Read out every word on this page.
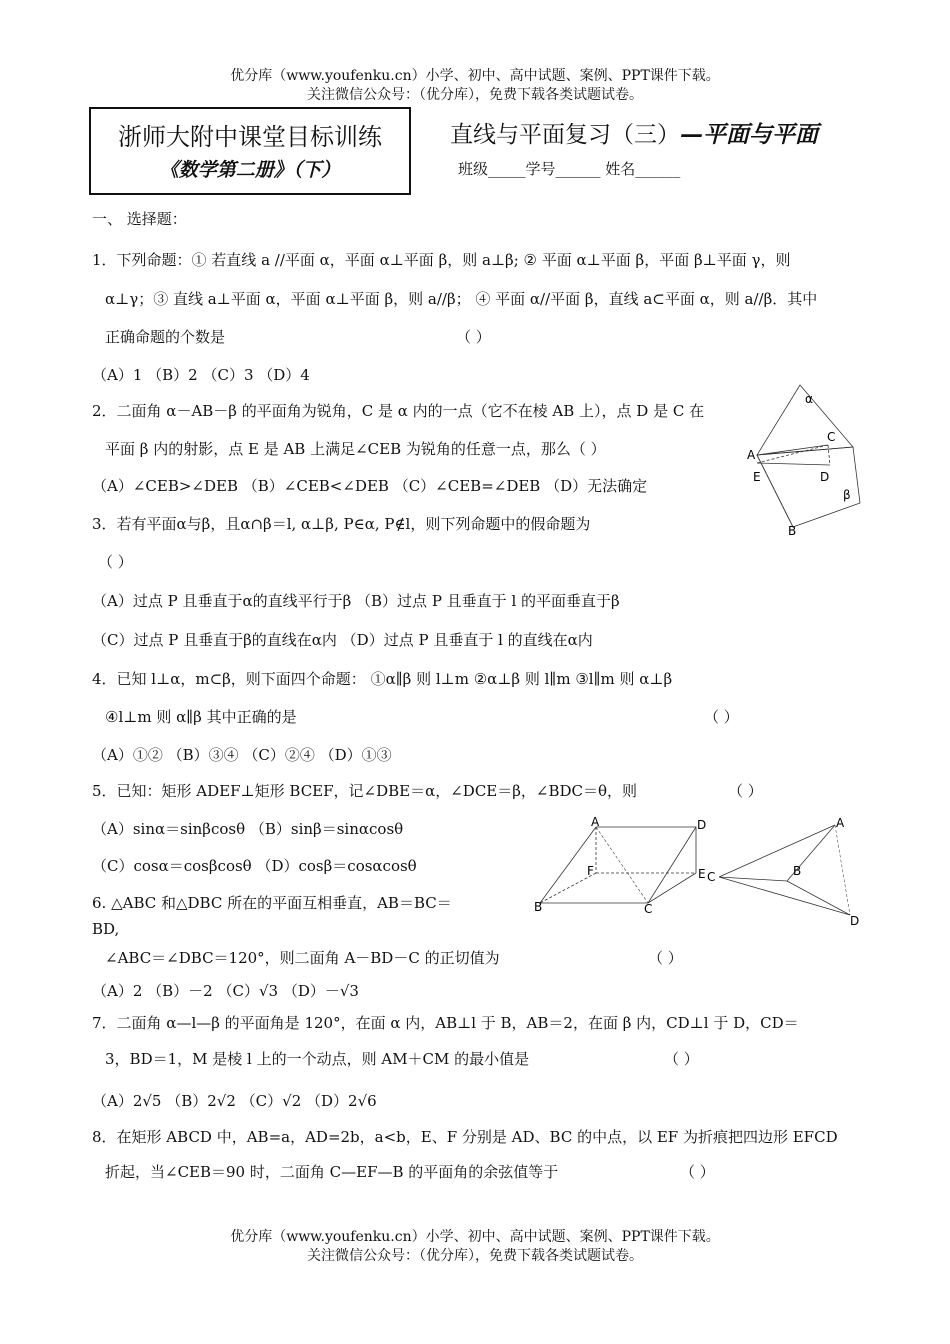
优分库（www.youfenku.cn）小学、初中、高中试题、案例、PPT课件下载。
关注微信公众号：（优分库），免费下载各类试题试卷。
浙师大附中课堂目标训练
《数学第二册》（下）
直线与平面复习（三）—平面与平面
班级_____学号______ 姓名______
一、 选择题：
1．下列命题：① 若直线 a //平面 α，平面 α⊥平面 β，则 a⊥β; ② 平面 α⊥平面 β，平面 β⊥平面 γ，则
α⊥γ；③ 直线 a⊥平面 α，平面 α⊥平面 β，则 a//β； ④ 平面 α//平面 β，直线 a⊂平面 α，则 a//β．其中
正确命题的个数是	（ ）
（A）1 （B）2 （C）3 （D）4
2．二面角 α－AB－β 的平面角为锐角，C 是 α 内的一点（它不在棱 AB 上），点 D 是 C 在
平面 β 内的射影，点 E 是 AB 上满足∠CEB 为锐角的任意一点，那么（ ）
（A）∠CEB>∠DEB （B）∠CEB<∠DEB （C）∠CEB=∠DEB （D）无法确定
α
C
A
E	D
β
B
3．若有平面α与β，且α∩β＝l, α⊥β, P∈α, P∉l，则下列命题中的假命题为
（ ）
（A）过点 P 且垂直于α的直线平行于β （B）过点 P 且垂直于 l 的平面垂直于β
（C）过点 P 且垂直于β的直线在α内 （D）过点 P 且垂直于 l 的直线在α内
4．已知 l⊥α，m⊂β，则下面四个命题： ①α∥β 则 l⊥m ②α⊥β 则 l∥m ③l∥m 则 α⊥β
④l⊥m 则 α∥β 其中正确的是	（ ）
（A）①② （B）③④ （C）②④ （D）①③
5．已知：矩形 ADEF⊥矩形 BCEF，记∠DBE＝α，∠DCE＝β，∠BDC＝θ，则	（ ）
（A）sinα＝sinβcosθ （B）sinβ＝sinαcosθ
（C）cosα＝cosβcosθ （D）cosβ＝cosαcosθ
A	D
F	E
B	C
A
B
C
D
6. △ABC 和△DBC 所在的平面互相垂直，AB＝BC＝
BD,
∠ABC＝∠DBC＝120°，则二面角 A－BD－C 的正切值为	（ ）
（A）2 （B）－2 （C）√3 （D）－√3
7．二面角 α—l—β 的平面角是 120°，在面 α 内，AB⊥l 于 B，AB＝2，在面 β 内，CD⊥l 于 D，CD＝
3，BD＝1，M 是棱 l 上的一个动点，则 AM＋CM 的最小值是	（ ）
（A）2√5 （B）2√2 （C）√2 （D）2√6
8．在矩形 ABCD 中，AB=a，AD=2b，a<b，E、F 分别是 AD、BC 的中点，以 EF 为折痕把四边形 EFCD
折起，当∠CEB＝90 时，二面角 C—EF—B 的平面角的余弦值等于	（ ）
优分库（www.youfenku.cn）小学、初中、高中试题、案例、PPT课件下载。
关注微信公众号：（优分库），免费下载各类试题试卷。
